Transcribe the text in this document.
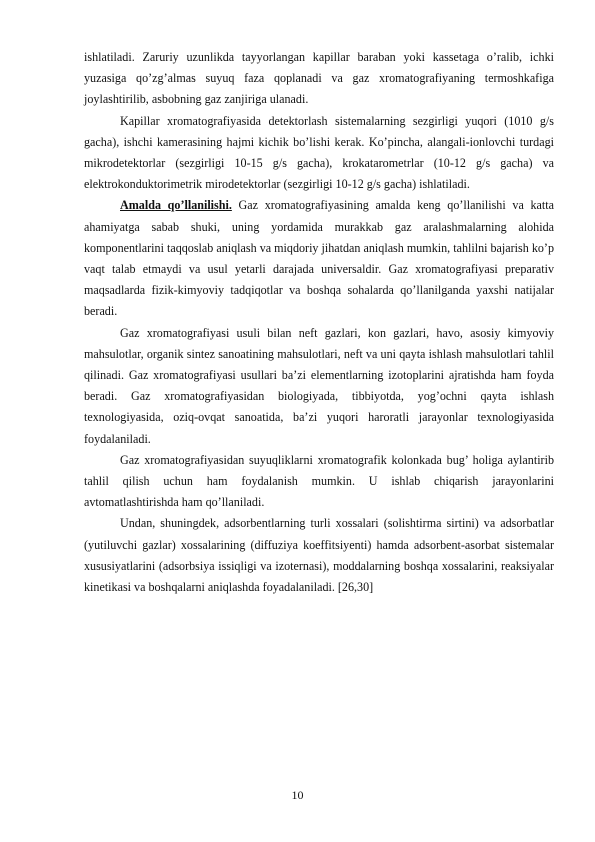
ishlatiladi. Zaruriy uzunlikda tayyorlangan kapillar baraban yoki kassetaga o’ralib, ichki yuzasiga qo’zg’almas suyuq faza qoplanadi va gaz xromatografiyaning termoshkafiga joylashtirilib, asbobning gaz zanjiriga ulanadi.

Kapillar xromatografiyasida detektorlash sistemalarning sezgirligi yuqori (1010 g/s gacha), ishchi kamerasining hajmi kichik bo’lishi kerak. Ko’pincha, alangali-ionlovchi turdagi mikrodetektorlar (sezgirligi 10-15 g/s gacha), krokatarometrlar (10-12 g/s gacha) va elektrokonduktorimetrik mirodetektorlar (sezgirligi 10-12 g/s gacha) ishlatiladi.

Amalda qo’llanilishi. Gaz xromatografiyasining amalda keng qo’llanilishi va katta ahamiyatga sabab shuki, uning yordamida murakkab gaz aralashmalarning alohida komponentlarini taqqoslab aniqlash va miqdoriy jihatdan aniqlash mumkin, tahlilni bajarish ko’p vaqt talab etmaydi va usul yetarli darajada universaldir. Gaz xromatografiyasi preparativ maqsadlarda fizik-kimyoviy tadqiqotlar va boshqa sohalarda qo’llanilganda yaxshi natijalar beradi.

Gaz xromatografiyasi usuli bilan neft gazlari, kon gazlari, havo, asosiy kimyoviy mahsulotlar, organik sintez sanoatining mahsulotlari, neft va uni qayta ishlash mahsulotlari tahlil qilinadi. Gaz xromatografiyasi usullari ba’zi elementlarning izotoplarini ajratishda ham foyda beradi. Gaz xromatografiyasidan biologiyada, tibbiyotda, yog’ochni qayta ishlash texnologiyasida, oziq-ovqat sanoatida, ba’zi yuqori haroratli jarayonlar texnologiyasida foydalaniladi.

Gaz xromatografiyasidan suyuqliklarni xromatografik kolonkada bug’ holiga aylantirib tahlil qilish uchun ham foydalanish mumkin. U ishlab chiqarish jarayonlarini avtomatlashtirishda ham qo’llaniladi.

Undan, shuningdek, adsorbentlarning turli xossalari (solishtirma sirtini) va adsorbatlar (yutiluvchi gazlar) xossalarining (diffuziya koeffitsiyenti) hamda adsorbent-asorbat sistemalar xususiyatlarini (adsorbsiya issiqligi va izoternasi), moddalarning boshqa xossalarini, reaksiyalar kinetikasi va boshqalarni aniqlashda foyadalaniladi. [26,30]

10
